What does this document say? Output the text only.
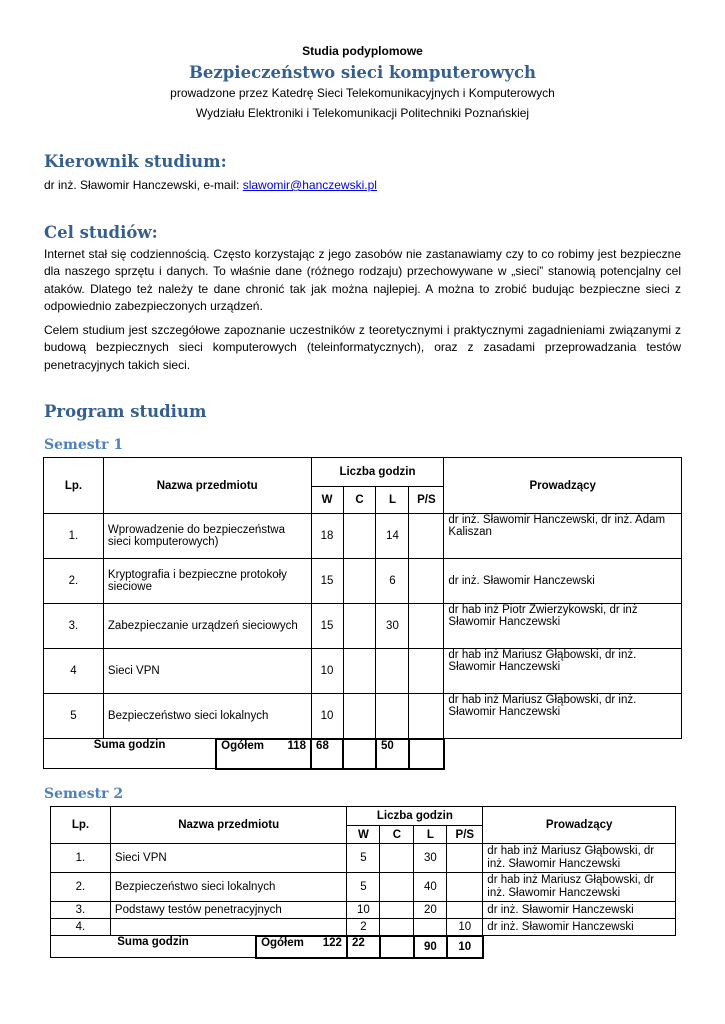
Studia podyplomowe
Bezpieczeństwo sieci komputerowych
prowadzone przez Katedrę Sieci Telekomunikacyjnych i Komputerowych
Wydziału Elektroniki i Telekomunikacji Politechniki Poznańskiej
Kierownik studium:
dr inż. Sławomir Hanczewski, e-mail: slawomir@hanczewski.pl
Cel studiów:
Internet stał się codziennością. Często korzystając z jego zasobów nie zastanawiamy czy to co robimy jest bezpieczne dla naszego sprzętu i danych. To właśnie dane (różnego rodzaju) przechowywane w „sieci” stanowią potencjalny cel ataków. Dlatego też należy te dane chronić tak jak można najlepiej. A można to zrobić budując bezpieczne sieci z odpowiednio zabezpieczonych urządzeń.
Celem studium jest szczegółowe zapoznanie uczestników z teoretycznymi i praktycznymi zagadnieniami związanymi z budową bezpiecznych sieci komputerowych (teleinformatycznych), oraz z zasadami przeprowadzania testów penetracyjnych takich sieci.
Program studium
Semestr 1
Lp.	Nazwa przedmiotu		Liczba godzin				Prowadzący
			W	C	L	P/S	
1.	Wprowadzenie do bezpieczeństwa sieci komputerowych)		18		14		dr inż. Sławomir Hanczewski, dr inż. Adam Kaliszan
2.	Kryptografia i bezpieczne protokoły sieciowe		15		6		dr inż. Sławomir Hanczewski
3.	Zabezpieczanie urządzeń sieciowych		15		30		dr hab inż Piotr Zwierzykowski, dr inż Sławomir Hanczewski
4	Sieci VPN		10				dr hab inż Mariusz Głąbowski, dr inż. Sławomir Hanczewski
5	Bezpieczeństwo sieci lokalnych		10				dr hab inż Mariusz Głąbowski, dr inż. Sławomir Hanczewski
Suma godzin		Ogółem 118	68		50		
Semestr 2
Lp.	Nazwa przedmiotu		Liczba godzin				Prowadzący
			W	C	L	P/S	
1.	Sieci VPN		5		30		dr hab inż Mariusz Głąbowski, dr inż. Sławomir Hanczewski
2.	Bezpieczeństwo sieci lokalnych		5		40		dr hab inż Mariusz Głąbowski, dr inż. Sławomir Hanczewski
3.	Podstawy testów penetracyjnych		10		20		dr inż. Sławomir Hanczewski
4.			2			10	dr inż. Sławomir Hanczewski
Suma godzin		Ogółem 122	22		90	10	
